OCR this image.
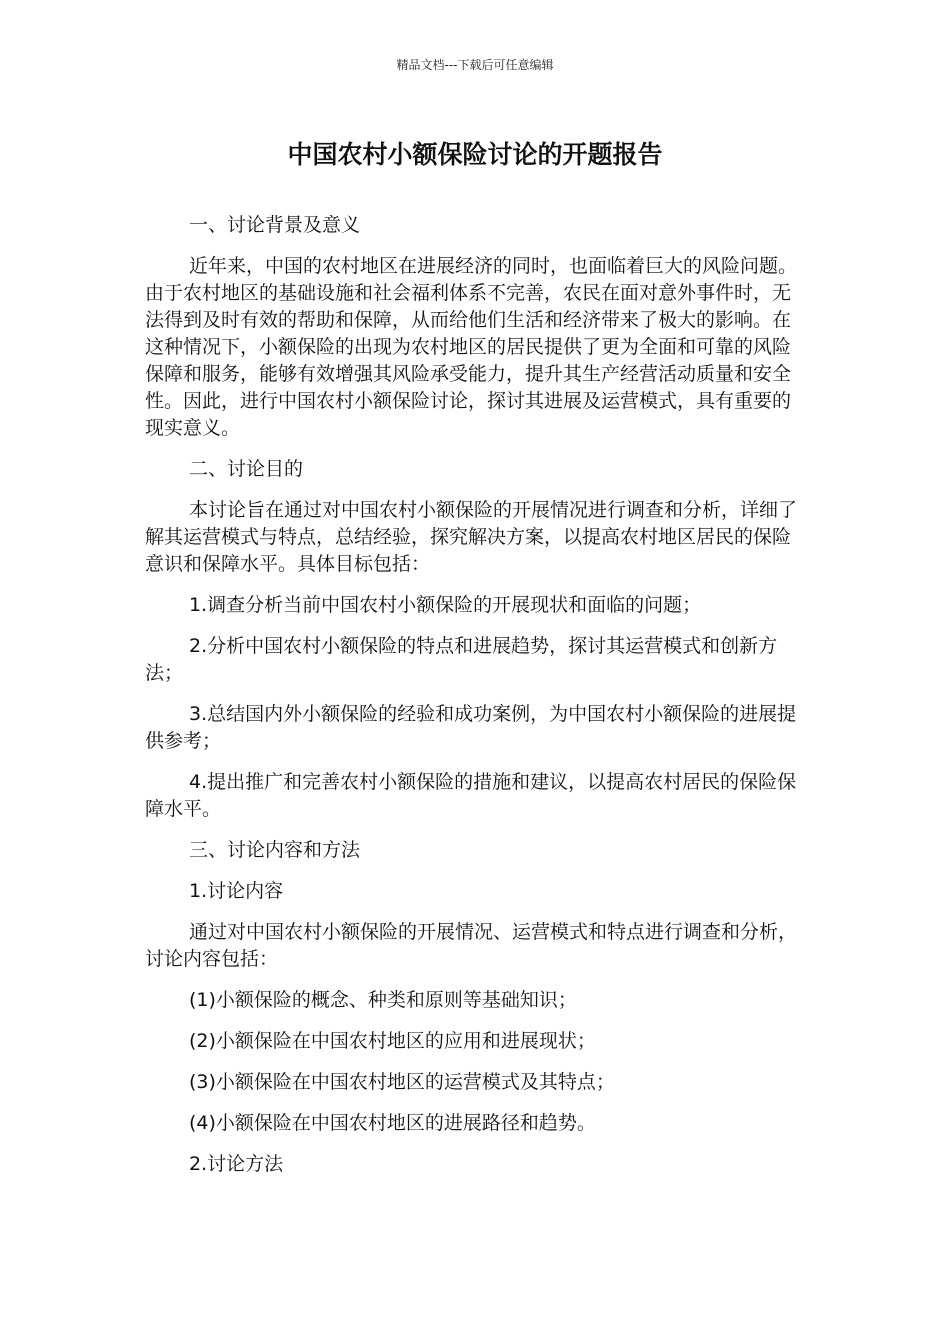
精品文档---下载后可任意编辑
中国农村小额保险讨论的开题报告

一、讨论背景及意义

近年来，中国的农村地区在进展经济的同时，也面临着巨大的风险问题。由于农村地区的基础设施和社会福利体系不完善，农民在面对意外事件时，无法得到及时有效的帮助和保障，从而给他们生活和经济带来了极大的影响。在这种情况下，小额保险的出现为农村地区的居民提供了更为全面和可靠的风险保障和服务，能够有效增强其风险承受能力，提升其生产经营活动质量和安全性。因此，进行中国农村小额保险讨论，探讨其进展及运营模式，具有重要的现实意义。

二、讨论目的

本讨论旨在通过对中国农村小额保险的开展情况进行调查和分析，详细了解其运营模式与特点，总结经验，探究解决方案，以提高农村地区居民的保险意识和保障水平。具体目标包括：

1.调查分析当前中国农村小额保险的开展现状和面临的问题；

2.分析中国农村小额保险的特点和进展趋势，探讨其运营模式和创新方法；

3.总结国内外小额保险的经验和成功案例，为中国农村小额保险的进展提供参考；

4.提出推广和完善农村小额保险的措施和建议，以提高农村居民的保险保障水平。

三、讨论内容和方法

1.讨论内容

通过对中国农村小额保险的开展情况、运营模式和特点进行调查和分析，讨论内容包括：

(1)小额保险的概念、种类和原则等基础知识；

(2)小额保险在中国农村地区的应用和进展现状；

(3)小额保险在中国农村地区的运营模式及其特点；

(4)小额保险在中国农村地区的进展路径和趋势。

2.讨论方法
